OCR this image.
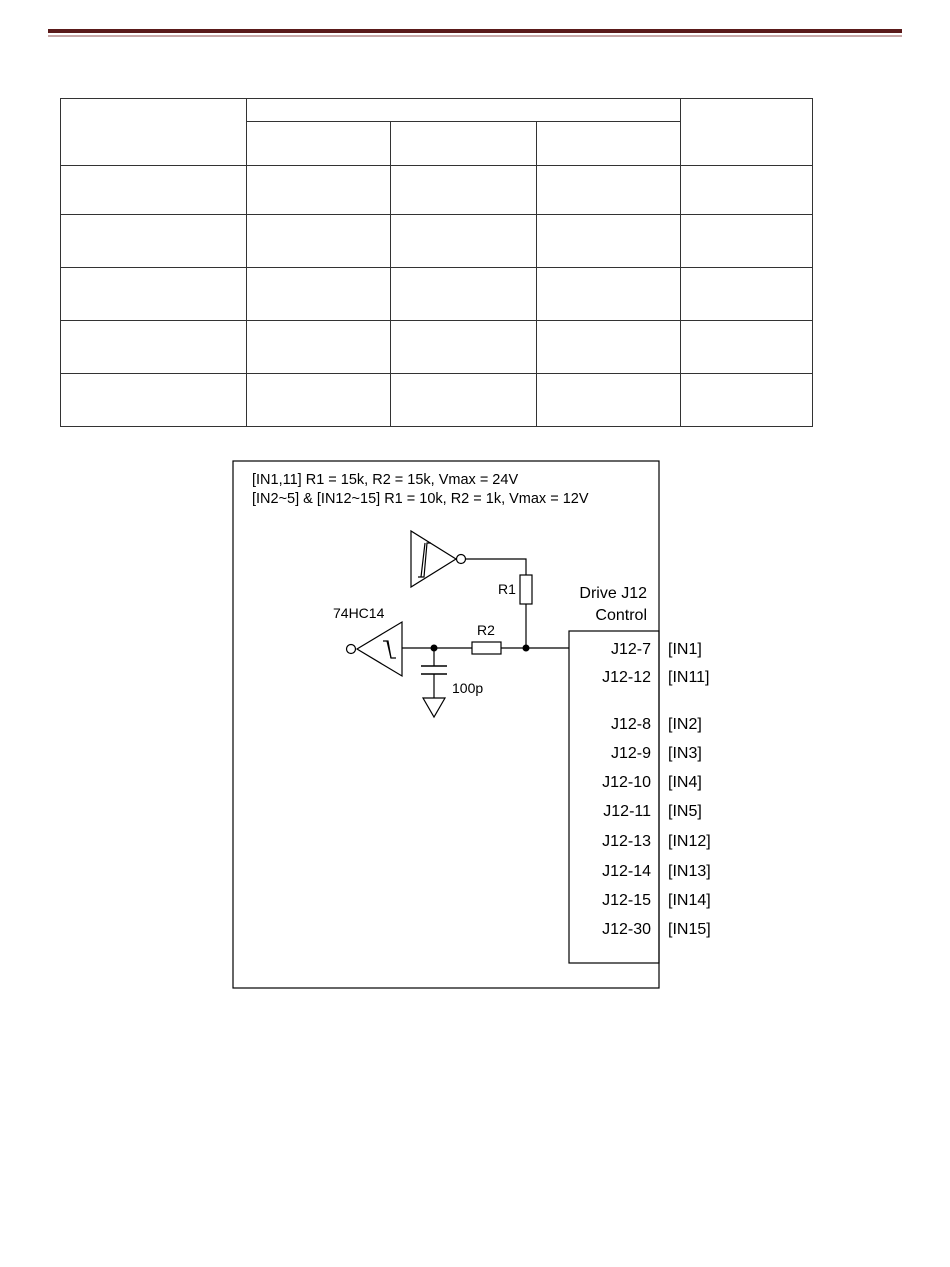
[IN1,11] R1 = 15k, R2 = 15k, Vmax = 24V
[IN2~5] & [IN12~15] R1 = 10k, R2 = 1k, Vmax = 12V
R1
74HC14
R2
100p
Drive J12
Control
J12-7 [IN1]
J12-12 [IN11]
J12-8 [IN2]
J12-9 [IN3]
J12-10 [IN4]
J12-11 [IN5]
J12-13 [IN12]
J12-14 [IN13]
J12-15 [IN14]
J12-30 [IN15]
